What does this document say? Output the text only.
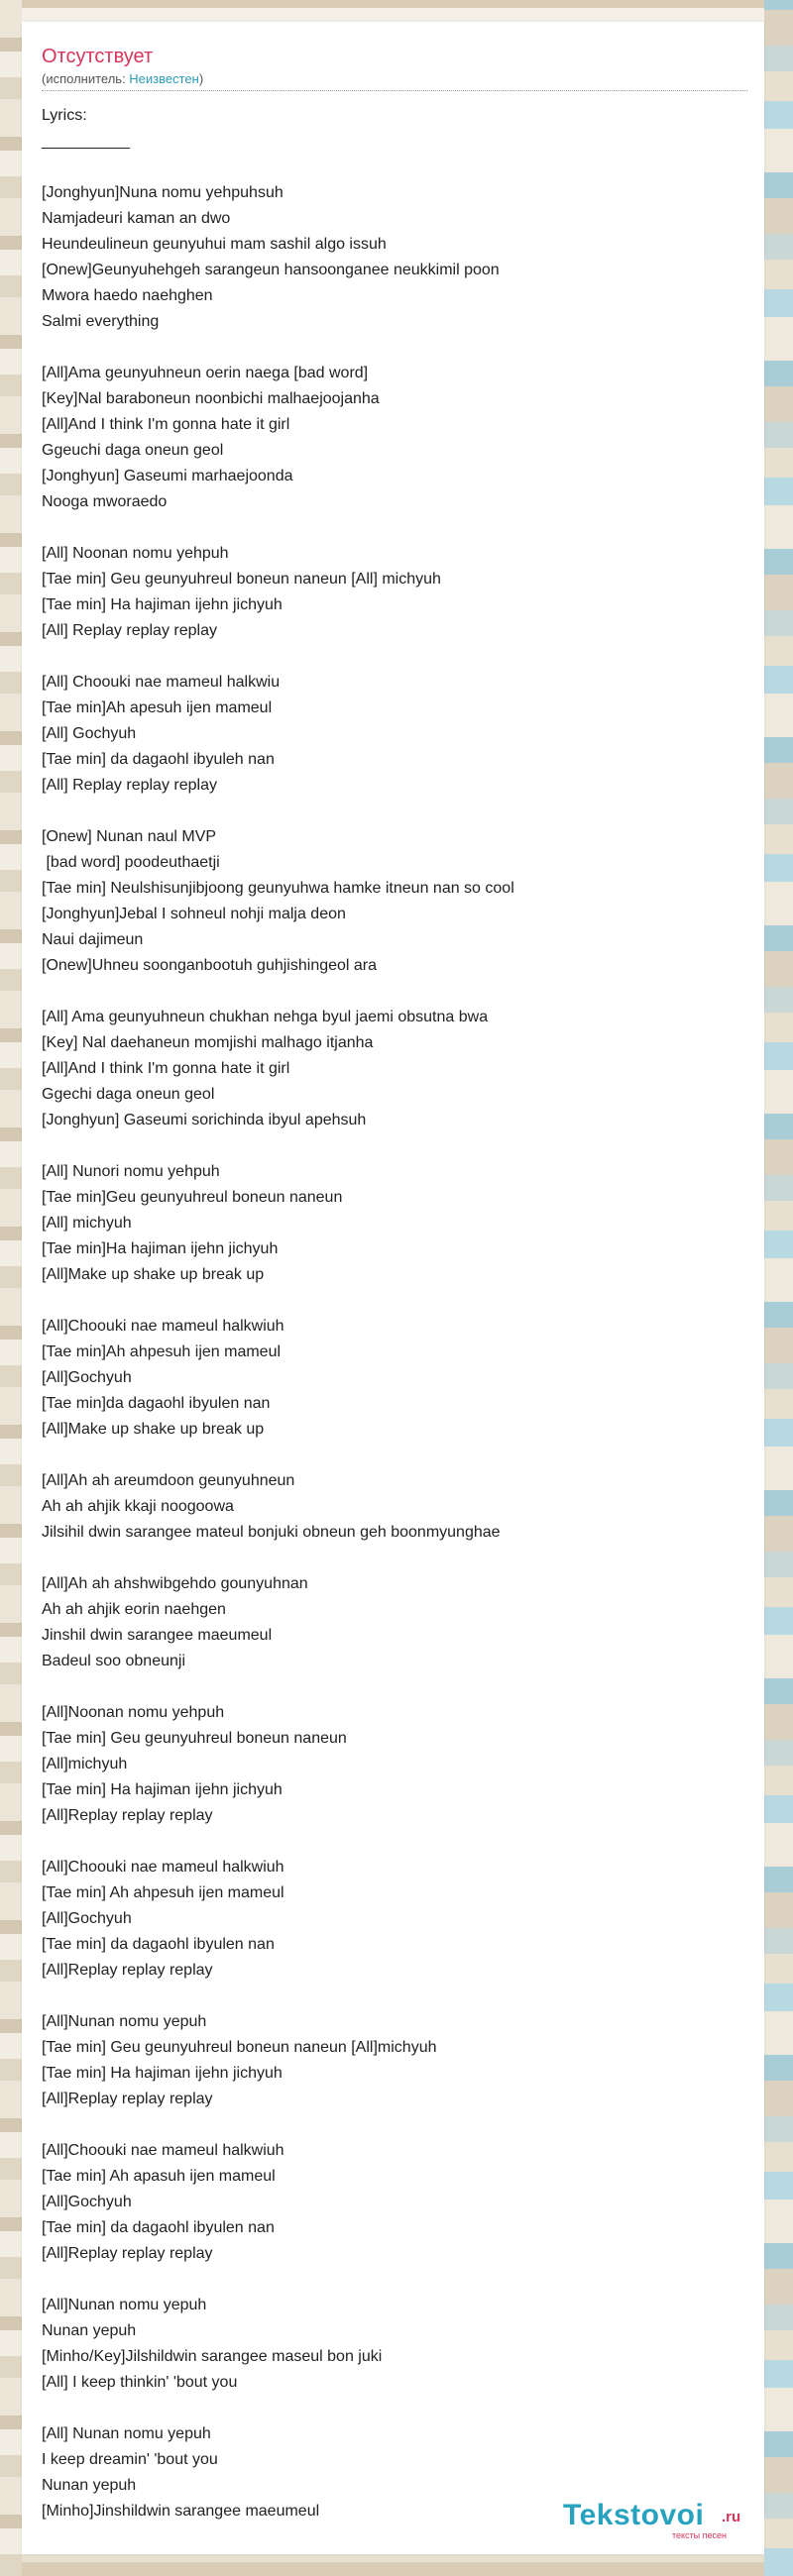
Отсутствует
(исполнитель: Неизвестен)
Lyrics:
__________

[Jonghyun]Nuna nomu yehpuhsuh
Namjadeuri kaman an dwo
Heundeulineun geunyuhui mam sashil algo issuh
[Onew]Geunyuhehgeh sarangeun hansoonganee neukkimil poon
Mwora haedo naehghen
Salmi everything

[All]Ama geunyuhneun oerin naega [bad word]
[Key]Nal baraboneun noonbichi malhaejoojanha
[All]And I think I'm gonna hate it girl
Ggeuchi daga oneun geol
[Jonghyun] Gaseumi marhaejoonda
Nooga mworaedo

[All] Noonan nomu yehpuh
[Tae min] Geu geunyuhreul boneun naneun [All] michyuh
[Tae min] Ha hajiman ijehn jichyuh
[All] Replay replay replay

[All] Choouki nae mameul halkwiu
[Tae min]Ah apesuh ijen mameul
[All] Gochyuh
[Tae min] da dagaohl ibyuleh nan
[All] Replay replay replay

[Onew] Nunan naul MVP
[bad word] poodeuthaetji
[Tae min] Neulshisunjibjoong geunyuhwa hamke itneun nan so cool
[Jonghyun]Jebal I sohneul nohji malja deon
Naui dajimeun
[Onew]Uhneu soonganbootuh guhjishingeol ara

[All] Ama geunyuhneun chukhan nehga byul jaemi obsutna bwa
[Key] Nal daehaneun momjishi malhago itjanha
[All]And I think I'm gonna hate it girl
Ggechi daga oneun geol
[Jonghyun] Gaseumi sorichinda ibyul apehsuh

[All] Nunori nomu yehpuh
[Tae min]Geu geunyuhreul boneun naneun
[All] michyuh
[Tae min]Ha hajiman ijehn jichyuh
[All]Make up shake up break up

[All]Choouki nae mameul halkwiuh
[Tae min]Ah ahpesuh ijen mameul
[All]Gochyuh
[Tae min]da dagaohl ibyulen nan
[All]Make up shake up break up

[All]Ah ah areumdoon geunyuhneun
Ah ah ahjik kkaji noogoowa
Jilsihil dwin sarangee mateul bonjuki obneun geh boonmyunghae

[All]Ah ah ahshwibgehdo gounyuhnan
Ah ah ahjik eorin naehgen
Jinshil dwin sarangee maeumeul
Badeul soo obneunji

[All]Noonan nomu yehpuh
[Tae min] Geu geunyuhreul boneun naneun
[All]michyuh
[Tae min] Ha hajiman ijehn jichyuh
[All]Replay replay replay

[All]Choouki nae mameul halkwiuh
[Tae min] Ah ahpesuh ijen mameul
[All]Gochyuh
[Tae min] da dagaohl ibyulen nan
[All]Replay replay replay

[All]Nunan nomu yepuh
[Tae min] Geu geunyuhreul boneun naneun [All]michyuh
[Tae min] Ha hajiman ijehn jichyuh
[All]Replay replay replay

[All]Choouki nae mameul halkwiuh
[Tae min] Ah apasuh ijen mameul
[All]Gochyuh
[Tae min] da dagaohl ibyulen nan
[All]Replay replay replay

[All]Nunan nomu yepuh
Nunan yepuh
[Minho/Key]Jilshildwin sarangee maseul bon juki
[All] I keep thinkin' 'bout you

[All] Nunan nomu yepuh
I keep dreamin' 'bout you
Nunan yepuh
[Minho]Jinshildwin sarangee maeumeul	Tekstovoi .ru
тексты песен
